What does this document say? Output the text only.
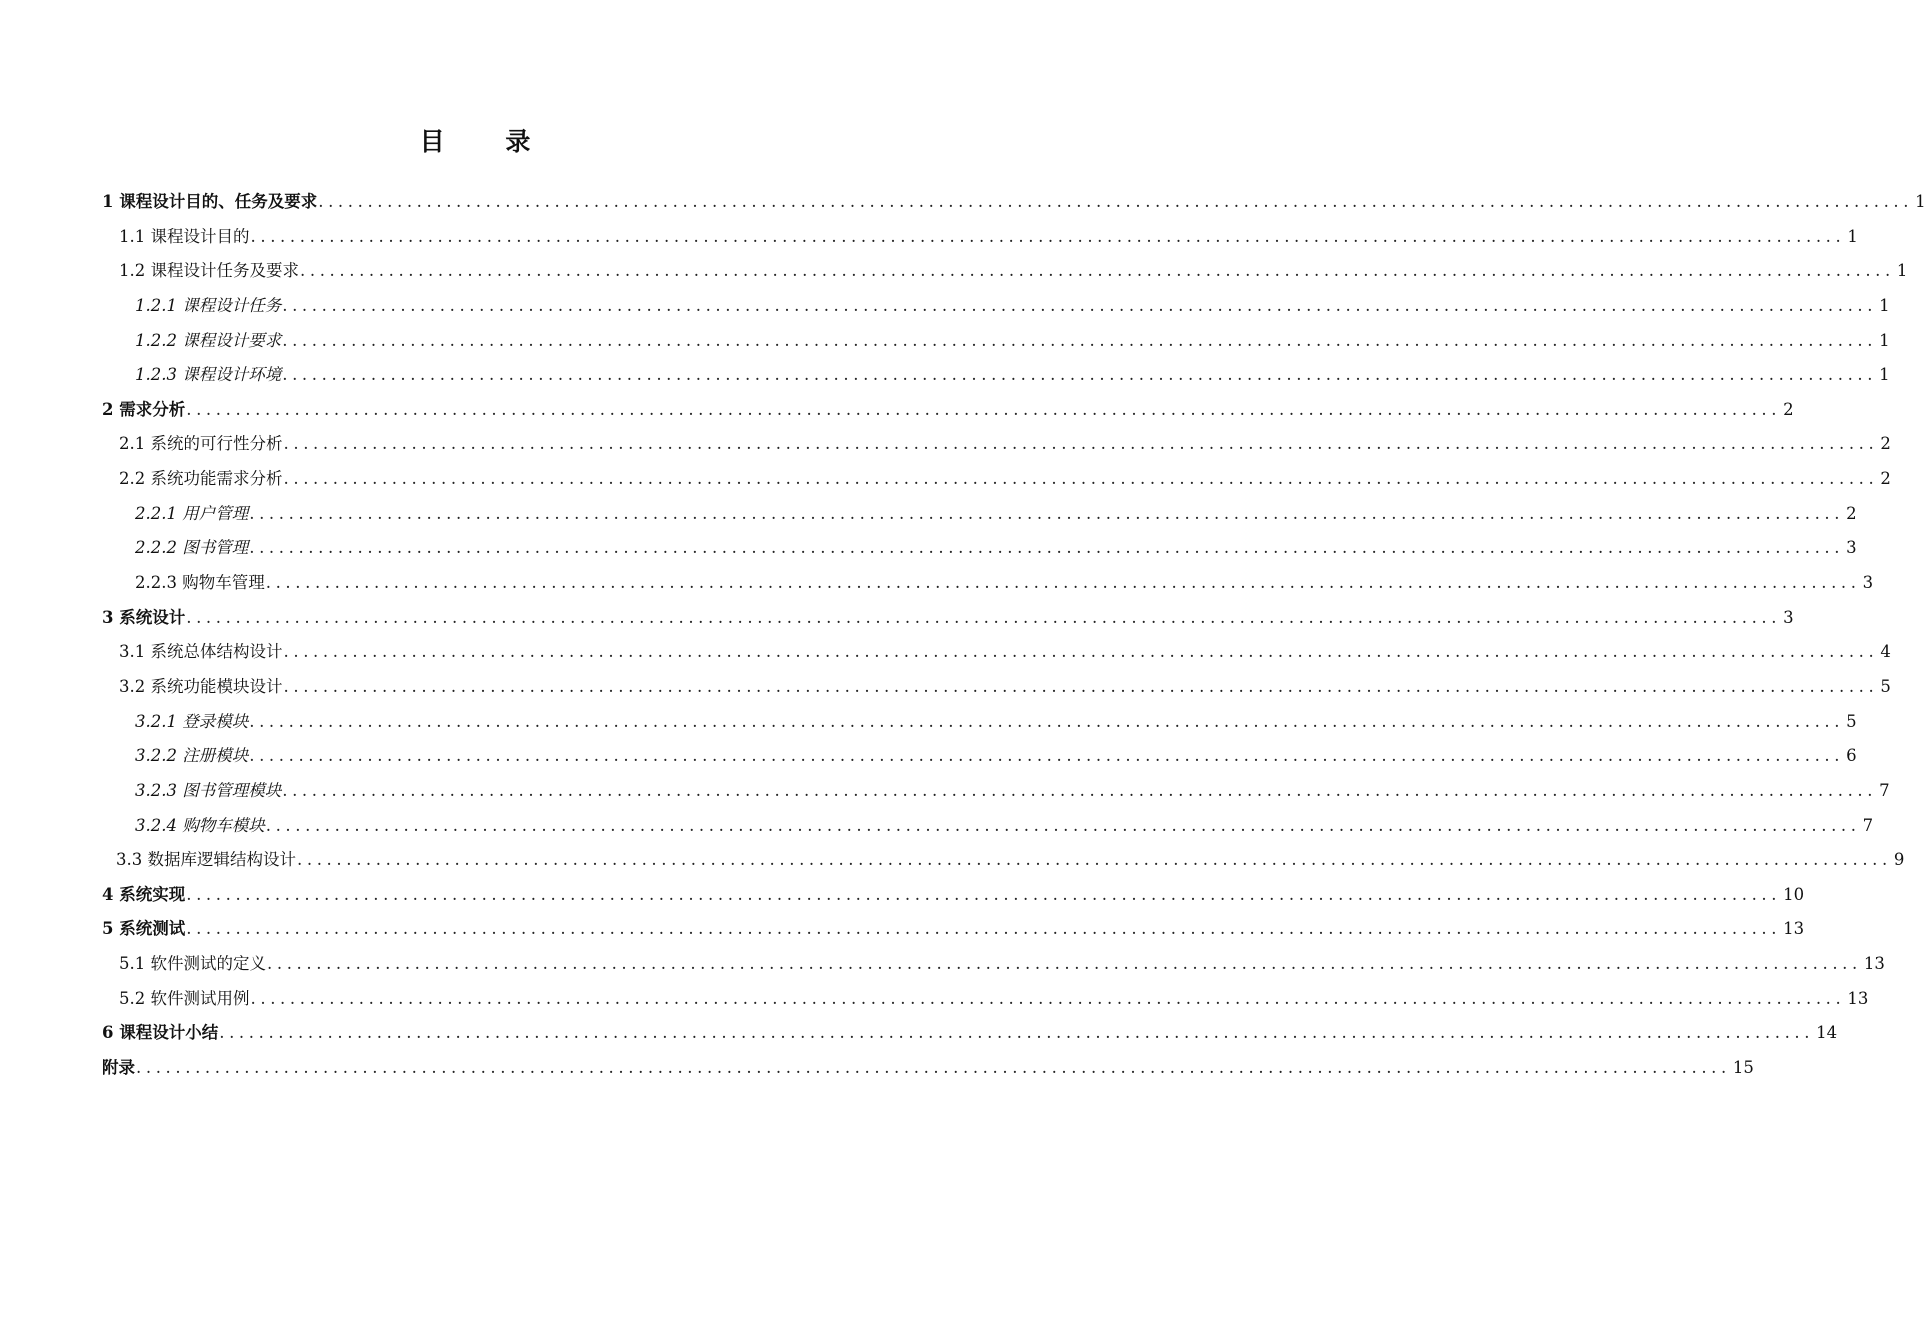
目 录
1 课程设计目的、任务及要求 .................................................................................................................................................................. 1
1.1 课程设计目的 .................................................................................................................................................................. 1
1.2 课程设计任务及要求 .................................................................................................................................................................. 1
1.2.1 课程设计任务 .................................................................................................................................................................. 1
1.2.2 课程设计要求 .................................................................................................................................................................. 1
1.2.3 课程设计环境 .................................................................................................................................................................. 1
2 需求分析 .................................................................................................................................................................. 2
2.1 系统的可行性分析 .................................................................................................................................................................. 2
2.2 系统功能需求分析 .................................................................................................................................................................. 2
2.2.1 用户管理 .................................................................................................................................................................. 2
2.2.2 图书管理 .................................................................................................................................................................. 3
2.2.3 购物车管理 .................................................................................................................................................................. 3
3 系统设计 .................................................................................................................................................................. 3
3.1 系统总体结构设计 .................................................................................................................................................................. 4
3.2 系统功能模块设计 .................................................................................................................................................................. 5
3.2.1 登录模块 .................................................................................................................................................................. 5
3.2.2 注册模块 .................................................................................................................................................................. 6
3.2.3 图书管理模块 .................................................................................................................................................................. 7
3.2.4 购物车模块 .................................................................................................................................................................. 7
3.3 数据库逻辑结构设计 .................................................................................................................................................................. 9
4 系统实现 .................................................................................................................................................................. 10
5 系统测试 .................................................................................................................................................................. 13
5.1 软件测试的定义 .................................................................................................................................................................. 13
5.2 软件测试用例 .................................................................................................................................................................. 13
6 课程设计小结 .................................................................................................................................................................. 14
附录 .................................................................................................................................................................. 15
